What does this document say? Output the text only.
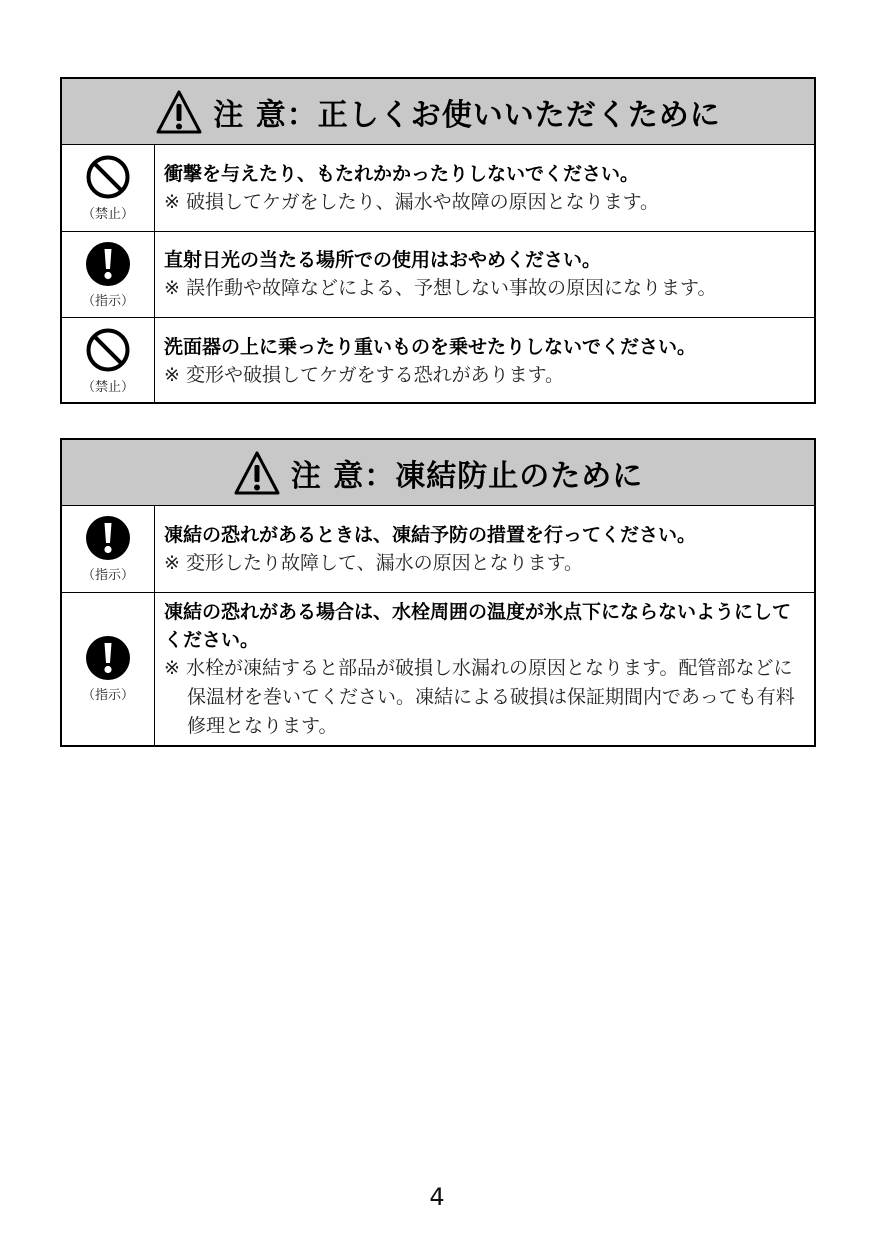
注 意：正しくお使いいただくために
（禁止）
衝撃を与えたり、もたれかかったりしないでください。
※ 破損してケガをしたり、漏水や故障の原因となります。
（指示）
直射日光の当たる場所での使用はおやめください。
※ 誤作動や故障などによる、予想しない事故の原因になります。
（禁止）
洗面器の上に乗ったり重いものを乗せたりしないでください。
※ 変形や破損してケガをする恐れがあります。
注 意：凍結防止のために
（指示）
凍結の恐れがあるときは、凍結予防の措置を行ってください。
※ 変形したり故障して、漏水の原因となります。
（指示）
凍結の恐れがある場合は、水栓周囲の温度が氷点下にならないようにしてください。
※ 水栓が凍結すると部品が破損し水漏れの原因となります。配管部などに保温材を巻いてください。凍結による破損は保証期間内であっても有料修理となります。
4
